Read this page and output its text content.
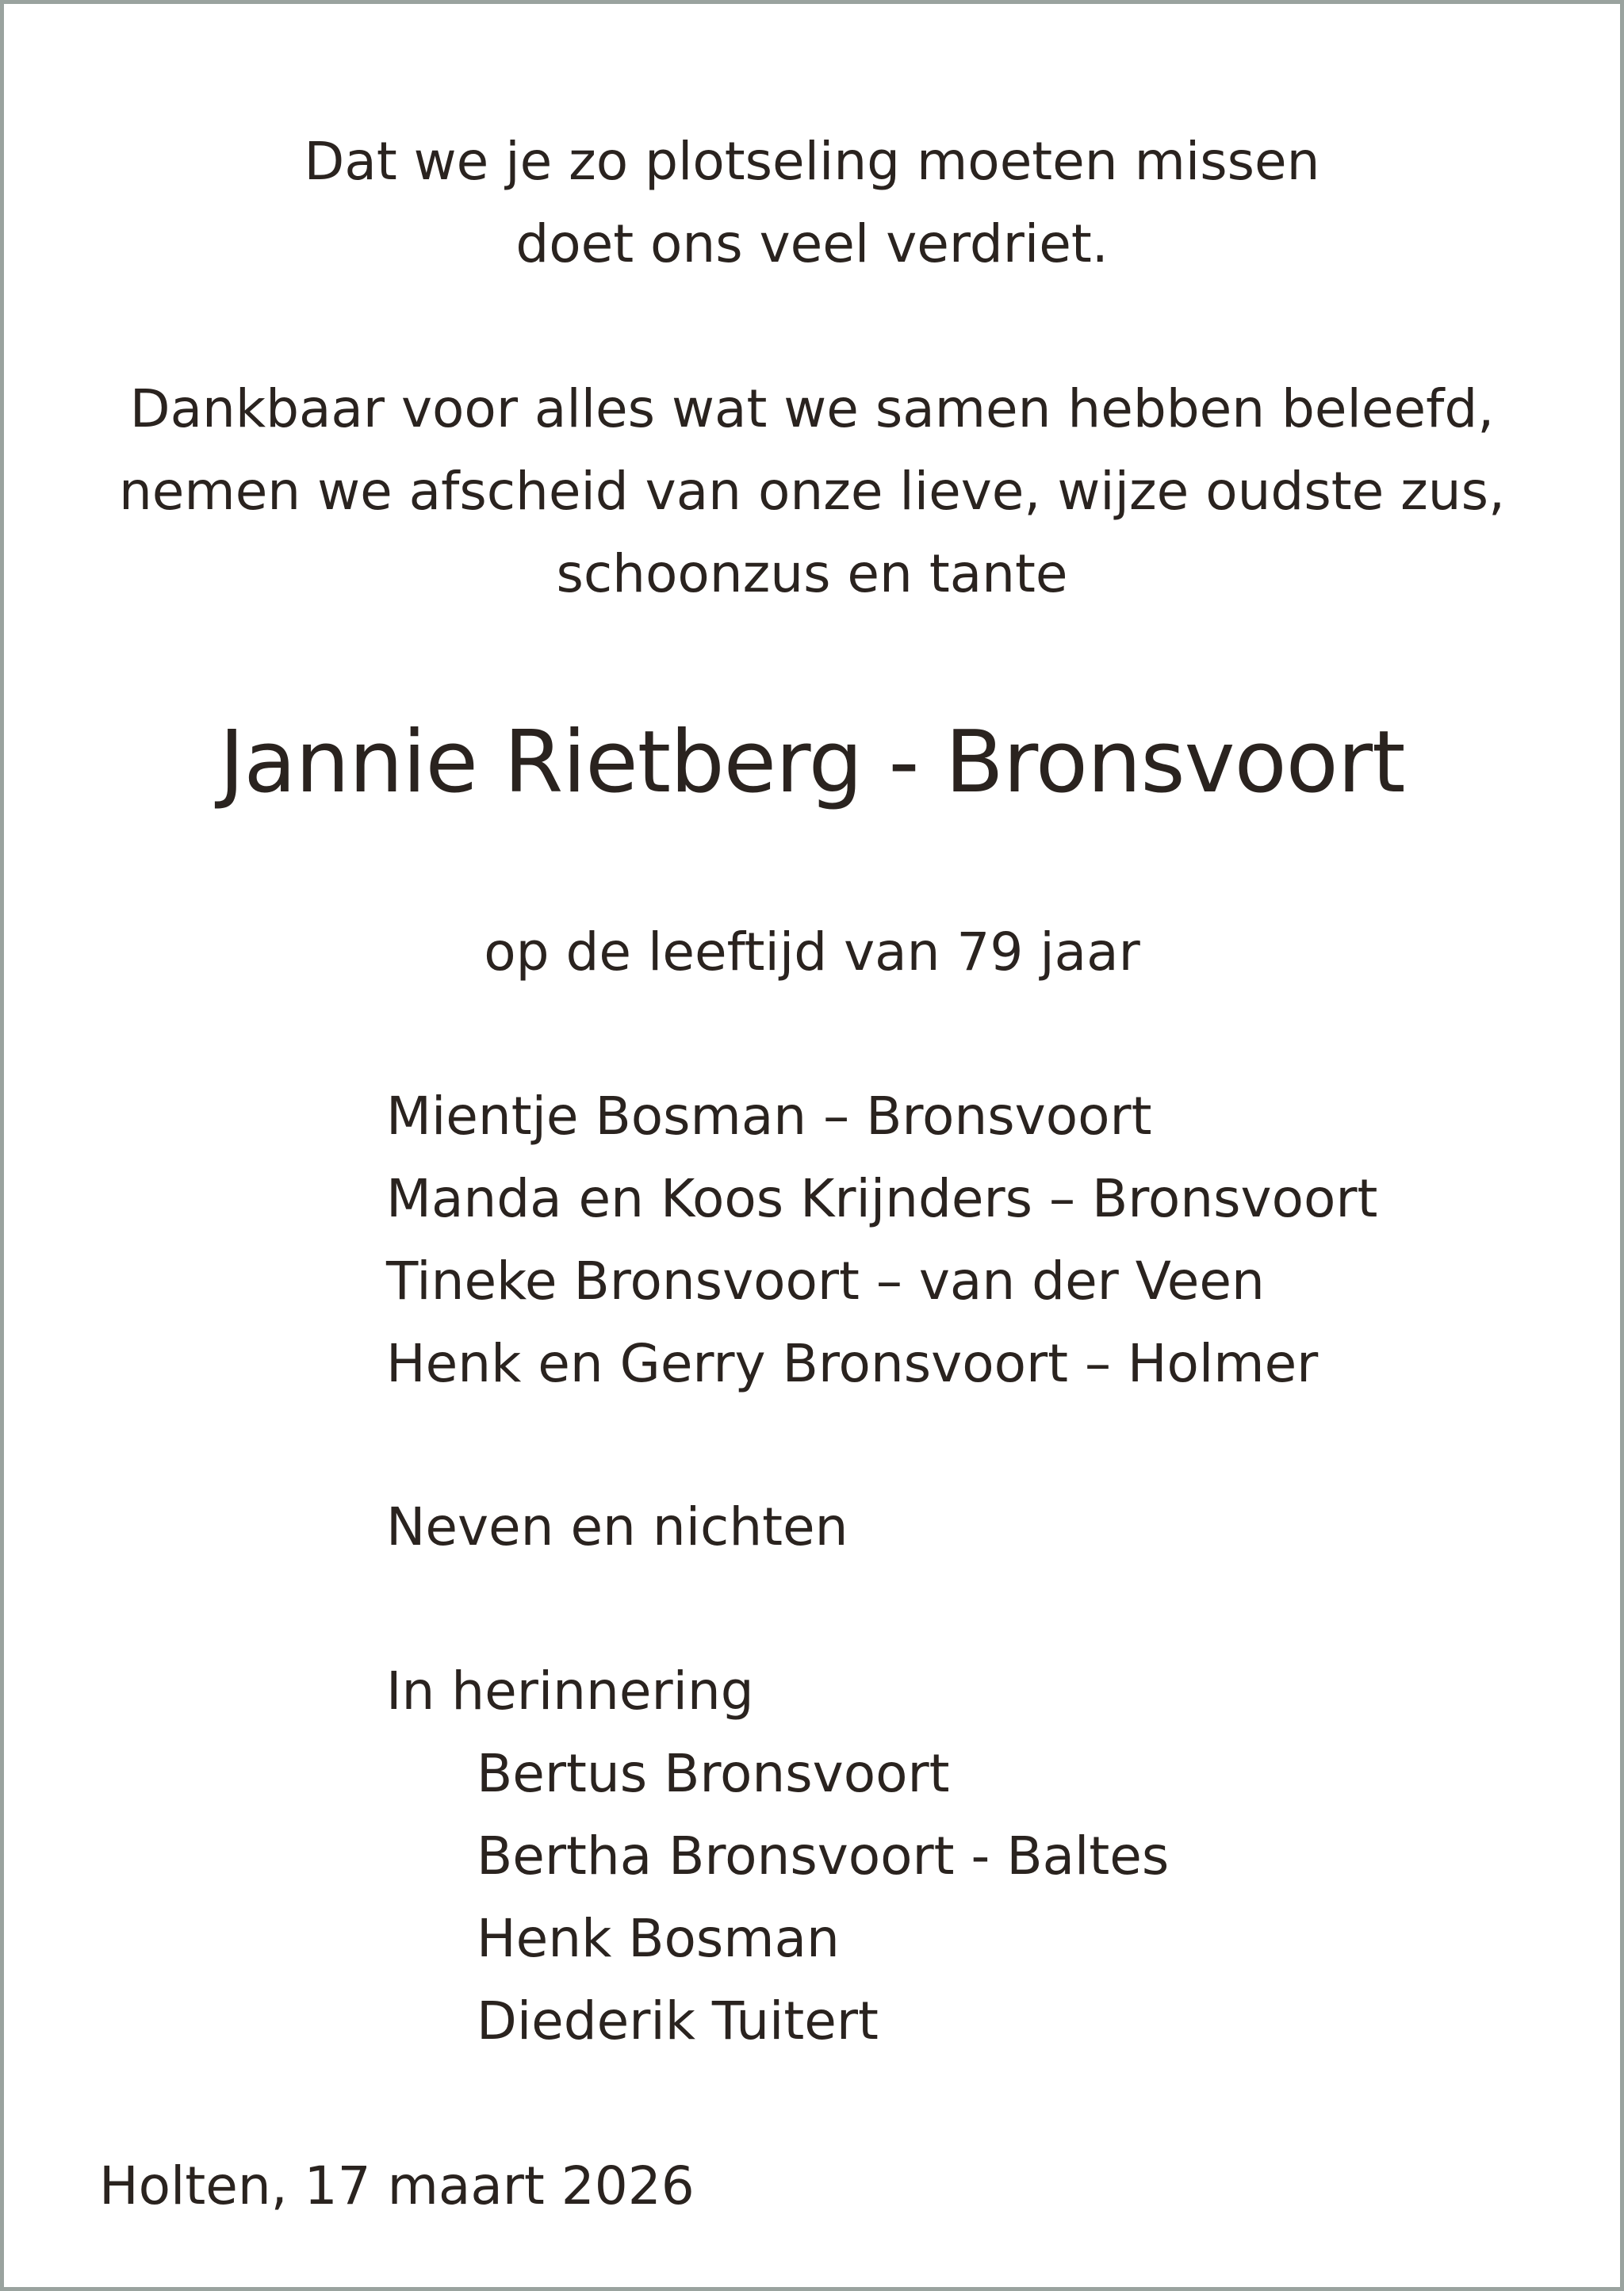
Dat we je zo plotseling moeten missen
doet ons veel verdriet.
Dankbaar voor alles wat we samen hebben beleefd,
nemen we afscheid van onze lieve, wijze oudste zus,
schoonzus en tante
Jannie Rietberg - Bronsvoort
op de leeftijd van 79 jaar
Mientje Bosman – Bronsvoort
Manda en Koos Krijnders – Bronsvoort
Tineke Bronsvoort – van der Veen
Henk en Gerry Bronsvoort – Holmer
Neven en nichten
In herinnering
Bertus Bronsvoort
Bertha Bronsvoort - Baltes
Henk Bosman
Diederik Tuitert
Holten, 17 maart 2026
